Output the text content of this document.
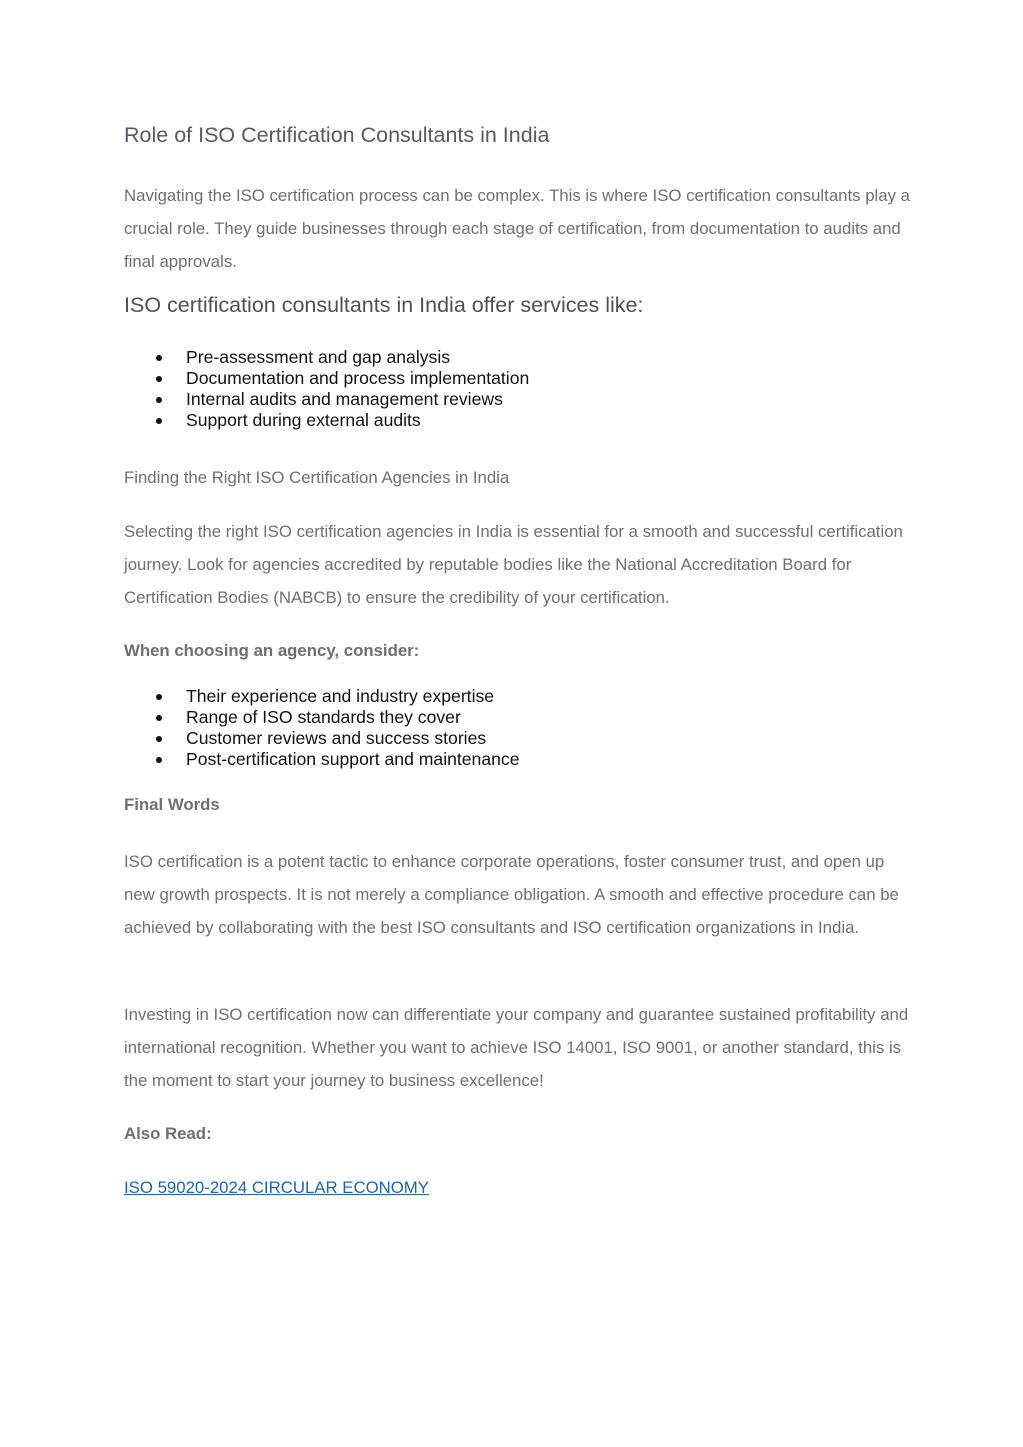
Role of ISO Certification Consultants in India

Navigating the ISO certification process can be complex. This is where ISO certification consultants play a crucial role. They guide businesses through each stage of certification, from documentation to audits and final approvals.

ISO certification consultants in India offer services like:
Pre-assessment and gap analysis
Documentation and process implementation
Internal audits and management reviews
Support during external audits

Finding the Right ISO Certification Agencies in India

Selecting the right ISO certification agencies in India is essential for a smooth and successful certification journey. Look for agencies accredited by reputable bodies like the National Accreditation Board for Certification Bodies (NABCB) to ensure the credibility of your certification.

When choosing an agency, consider:

Their experience and industry expertise
Range of ISO standards they cover
Customer reviews and success stories
Post-certification support and maintenance

Final Words

ISO certification is a potent tactic to enhance corporate operations, foster consumer trust, and open up new growth prospects. It is not merely a compliance obligation. A smooth and effective procedure can be achieved by collaborating with the best ISO consultants and ISO certification organizations in India.

Investing in ISO certification now can differentiate your company and guarantee sustained profitability and international recognition. Whether you want to achieve ISO 14001, ISO 9001, or another standard, this is the moment to start your journey to business excellence!

Also Read:

ISO 59020-2024 CIRCULAR ECONOMY
